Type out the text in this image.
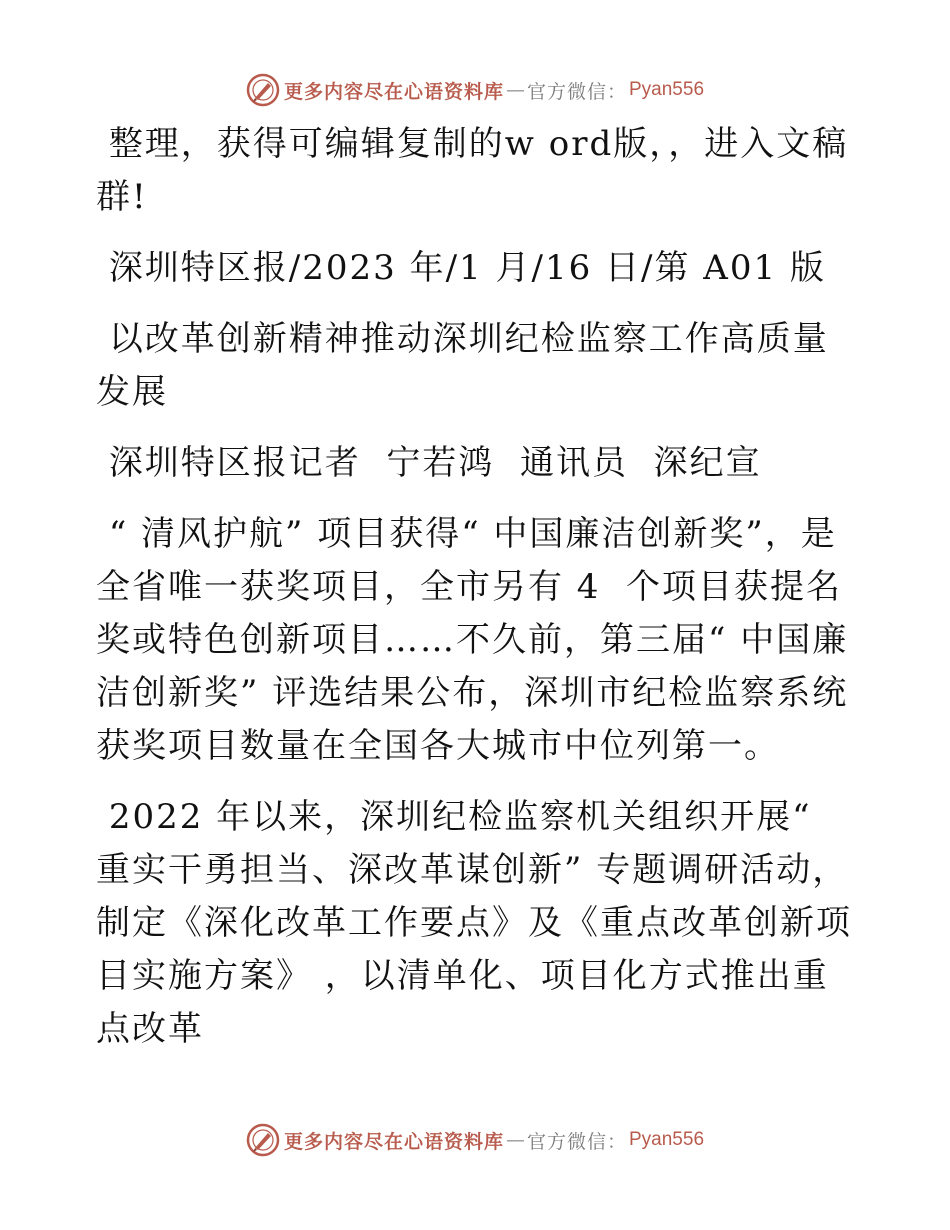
更多内容尽在心语资料库 — 官方微信： Pyan556

整理，获得可编辑复制的w ord版，，进入文稿群!

深圳特区报/2023 年/1 月/16 日/第 A01 版

以改革创新精神推动深圳纪检监察工作高质量发展

深圳特区报记者  宁若鸿  通讯员  深纪宣

“ 清风护航” 项目获得“ 中国廉洁创新奖”，是全省唯一获奖项目，全市另有 4  个项目获提名奖或特色创新项目……不久前，第三届“ 中国廉洁创新奖” 评选结果公布，深圳市纪检监察系统获奖项目数量在全国各大城市中位列第一。

2022 年以来，深圳纪检监察机关组织开展“ 重实干勇担当、深改革谋创新” 专题调研活动，制定《深化改革工作要点》及《重点改革创新项目实施方案》 ，以清单化、项目化方式推出重点改革

更多内容尽在心语资料库 — 官方微信： Pyan556
